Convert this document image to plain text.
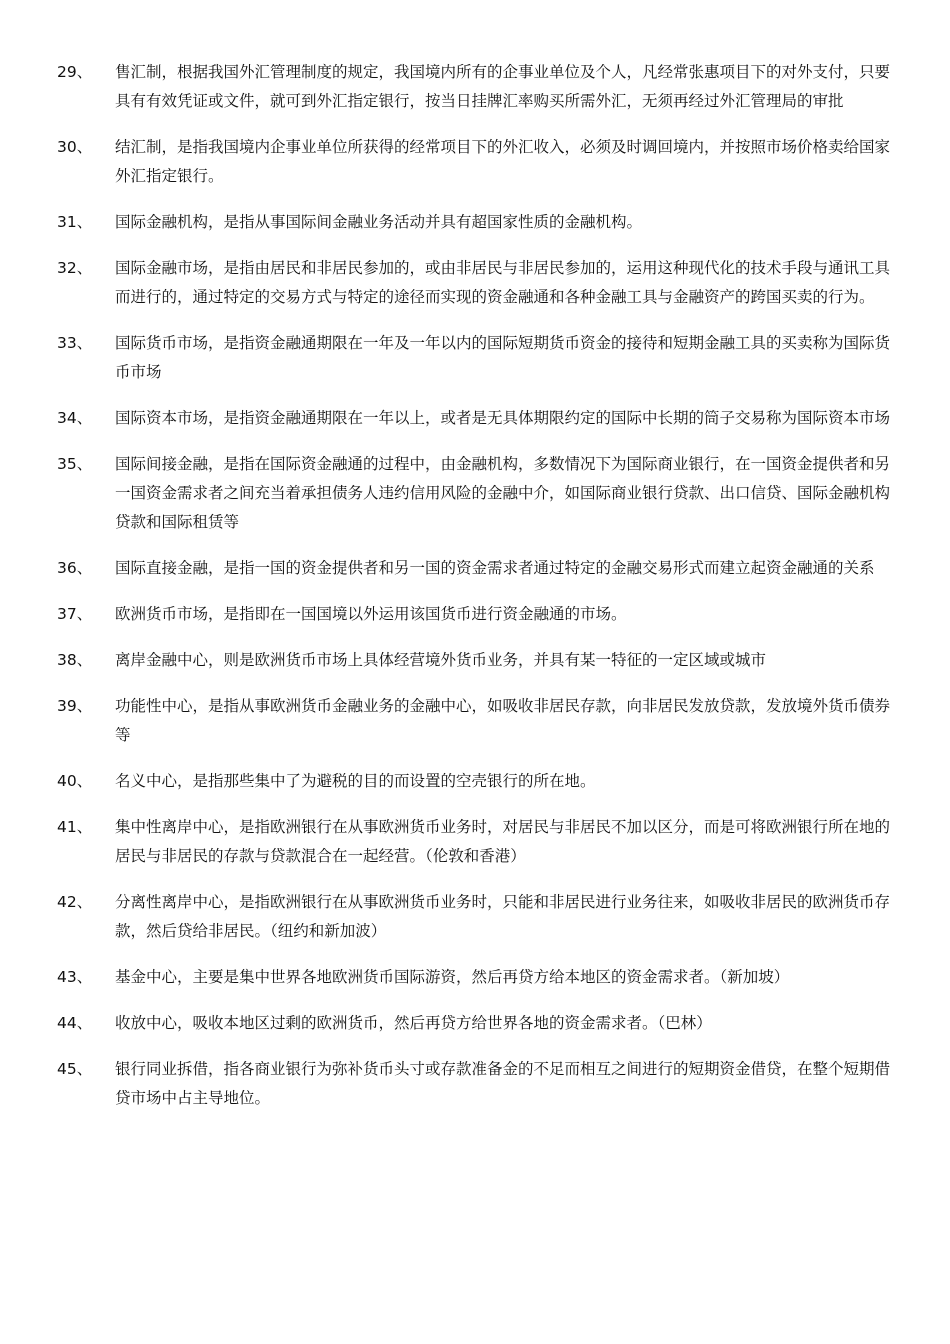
29、	售汇制，根据我国外汇管理制度的规定，我国境内所有的企事业单位及个人，凡经常张惠项目下的对外支付，只要具有有效凭证或文件，就可到外汇指定银行，按当日挂牌汇率购买所需外汇，无须再经过外汇管理局的审批
30、	结汇制，是指我国境内企事业单位所获得的经常项目下的外汇收入，必须及时调回境内，并按照市场价格卖给国家外汇指定银行。
31、	国际金融机构，是指从事国际间金融业务活动并具有超国家性质的金融机构。
32、	国际金融市场，是指由居民和非居民参加的，或由非居民与非居民参加的，运用这种现代化的技术手段与通讯工具而进行的，通过特定的交易方式与特定的途径而实现的资金融通和各种金融工具与金融资产的跨国买卖的行为。
33、	国际货币市场，是指资金融通期限在一年及一年以内的国际短期货币资金的接待和短期金融工具的买卖称为国际货币市场
34、	国际资本市场，是指资金融通期限在一年以上，或者是无具体期限约定的国际中长期的筒子交易称为国际资本市场
35、	国际间接金融，是指在国际资金融通的过程中，由金融机构，多数情况下为国际商业银行，在一国资金提供者和另一国资金需求者之间充当着承担债务人违约信用风险的金融中介，如国际商业银行贷款、出口信贷、国际金融机构贷款和国际租赁等
36、	国际直接金融，是指一国的资金提供者和另一国的资金需求者通过特定的金融交易形式而建立起资金融通的关系
37、	欧洲货币市场，是指即在一国国境以外运用该国货币进行资金融通的市场。
38、	离岸金融中心，则是欧洲货币市场上具体经营境外货币业务，并具有某一特征的一定区域或城市
39、	功能性中心，是指从事欧洲货币金融业务的金融中心，如吸收非居民存款，向非居民发放贷款，发放境外货币债券等
40、	名义中心，是指那些集中了为避税的目的而设置的空壳银行的所在地。
41、	集中性离岸中心，是指欧洲银行在从事欧洲货币业务时，对居民与非居民不加以区分，而是可将欧洲银行所在地的居民与非居民的存款与贷款混合在一起经营。（伦敦和香港）
42、	分离性离岸中心，是指欧洲银行在从事欧洲货币业务时，只能和非居民进行业务往来，如吸收非居民的欧洲货币存款，然后贷给非居民。（纽约和新加波）
43、	基金中心，主要是集中世界各地欧洲货币国际游资，然后再贷方给本地区的资金需求者。（新加坡）
44、	收放中心，吸收本地区过剩的欧洲货币，然后再贷方给世界各地的资金需求者。（巴林）
45、	银行同业拆借，指各商业银行为弥补货币头寸或存款准备金的不足而相互之间进行的短期资金借贷，在整个短期借贷市场中占主导地位。
